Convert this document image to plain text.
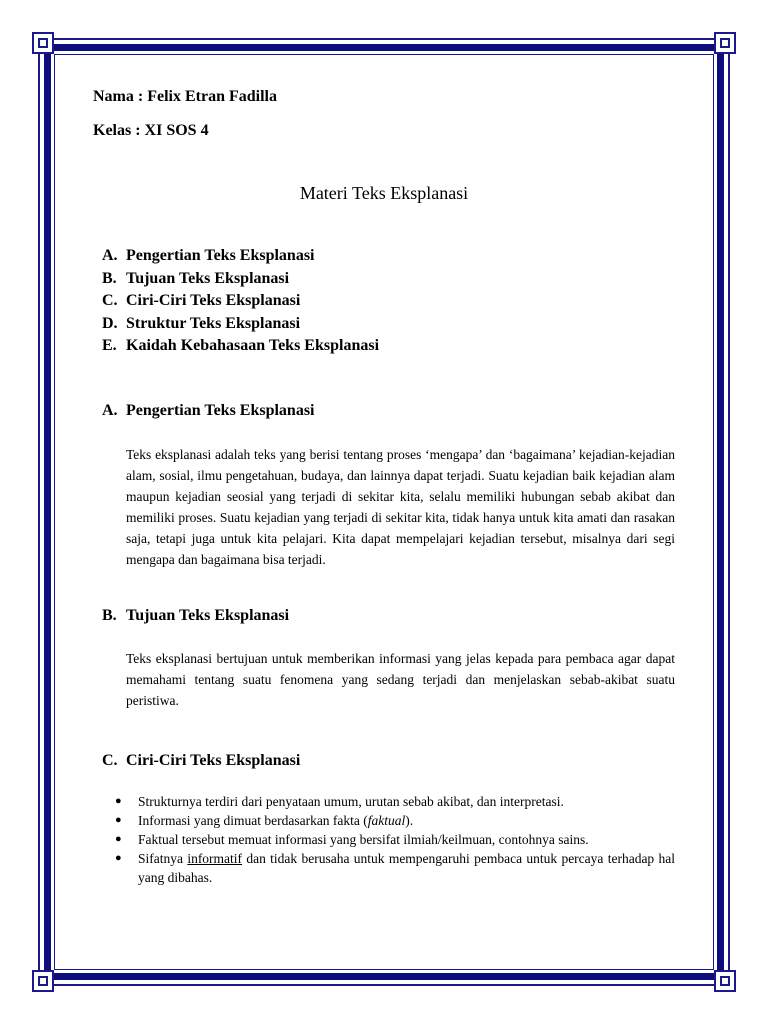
Nama : Felix Etran Fadilla

Kelas : XI SOS 4

Materi Teks Eksplanasi
A. Pengertian Teks Eksplanasi
B. Tujuan Teks Eksplanasi
C. Ciri-Ciri Teks Eksplanasi
D. Struktur Teks Eksplanasi
E. Kaidah Kebahasaan Teks Eksplanasi
A. Pengertian Teks Eksplanasi

Teks eksplanasi adalah teks yang berisi tentang proses ‘mengapa’ dan ‘bagaimana’ kejadian-kejadian alam, sosial, ilmu pengetahuan, budaya, dan lainnya dapat terjadi. Suatu kejadian baik kejadian alam maupun kejadian seosial yang terjadi di sekitar kita, selalu memiliki hubungan sebab akibat dan memiliki proses. Suatu kejadian yang terjadi di sekitar kita, tidak hanya untuk kita amati dan rasakan saja, tetapi juga untuk kita pelajari. Kita dapat mempelajari kejadian tersebut, misalnya dari segi mengapa dan bagaimana bisa terjadi.

B. Tujuan Teks Eksplanasi

Teks eksplanasi bertujuan untuk memberikan informasi yang jelas kepada para pembaca agar dapat memahami tentang suatu fenomena yang sedang terjadi dan menjelaskan sebab-akibat suatu peristiwa.

C. Ciri-Ciri Teks Eksplanasi
●	Strukturnya terdiri dari penyataan umum, urutan sebab akibat, dan interpretasi.
●	Informasi yang dimuat berdasarkan fakta (faktual).
●	Faktual tersebut memuat informasi yang bersifat ilmiah/keilmuan, contohnya sains.
●	Sifatnya informatif dan tidak berusaha untuk mempengaruhi pembaca untuk percaya terhadap hal yang dibahas.
